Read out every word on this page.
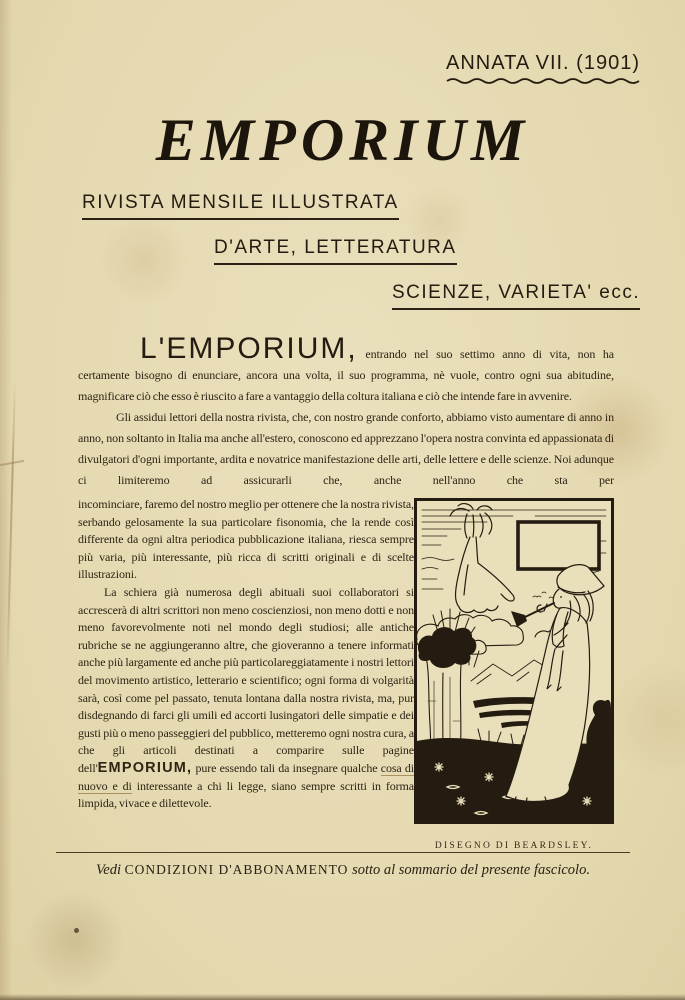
ANNATA VII. (1901)
EMPORIUM
RIVISTA MENSILE ILLUSTRATA
D'ARTE, LETTERATURA
SCIENZE, VARIETA' ecc.

L'EMPORIUM, entrando nel suo settimo anno di vita, non ha certamente bisogno di enunciare, ancora una volta, il suo programma, nè vuole, contro ogni sua abitudine, magnificare ciò che esso è riuscito a fare a vantaggio della coltura italiana e ciò che intende fare in avvenire.

Gli assidui lettori della nostra rivista, che, con nostro grande conforto, abbiamo visto aumentare di anno in anno, non soltanto in Italia ma anche all'estero, conoscono ed apprezzano l'opera nostra convinta ed appassionata di divulgatori d'ogni importante, ardita e novatrice manifestazione delle arti, delle lettere e delle scienze. Noi adunque ci limiteremo ad assicurarli che, anche nell'anno che sta per

incominciare, faremo del nostro meglio per ottenere che la nostra rivista, serbando gelosamente la sua particolare fisonomia, che la rende così differente da ogni altra periodica pubblicazione italiana, riesca sempre più varia, più interessante, più ricca di scritti originali e di scelte illustrazioni.

La schiera già numerosa degli abituali suoi collaboratori si accrescerà di altri scrittori non meno coscienziosi, non meno dotti e non meno favorevolmente noti nel mondo degli studiosi; alle antiche rubriche se ne aggiungeranno altre, che gioveranno a tenere informati anche più largamente ed anche più particolareggiatamente i nostri lettori del movimento artistico, letterario e scientifico; ogni forma di volgarità sarà, così come pel passato, tenuta lontana dalla nostra rivista, ma, pur disdegnando di farci gli umili ed accorti lusingatori delle simpatie e dei gusti più o meno passeggieri del pubblico, metteremo ogni nostra cura, a che gli articoli destinati a comparire sulle pagine dell'EMPORIUM, pure essendo tali da insegnare qualche cosa di nuovo e di interessante a chi li legge, siano sempre scritti in forma limpida, vivace e dilettevole.

DISEGNO DI BEARDSLEY.
Vedi CONDIZIONI D'ABBONAMENTO sotto al sommario del presente fascicolo.
